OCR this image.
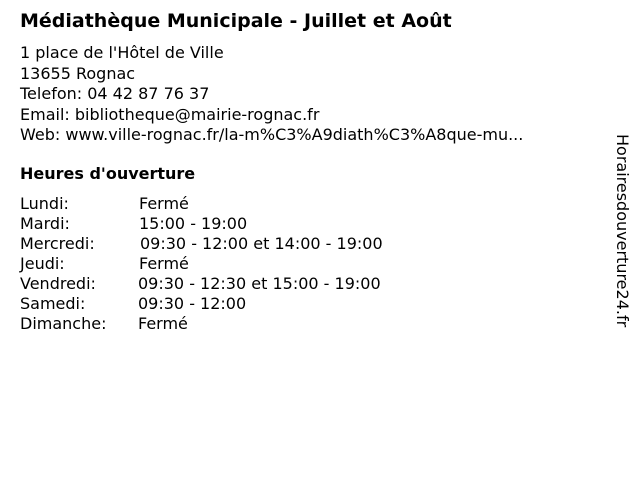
Médiathèque Municipale - Juillet et Août
1 place de l'Hôtel de Ville
13655 Rognac
Telefon: 04 42 87 76 37
Email: bibliotheque@mairie-rognac.fr
Web: www.ville-rognac.fr/la-m%C3%A9diath%C3%A8que-mu...
Heures d'ouverture
Lundi:	Fermé
Mardi:	15:00 - 19:00
Mercredi:	09:30 - 12:00 et 14:00 - 19:00
Jeudi:	Fermé
Vendredi:	09:30 - 12:30 et 15:00 - 19:00
Samedi:	09:30 - 12:00
Dimanche: Fermé	Horairesdouverture24.fr
